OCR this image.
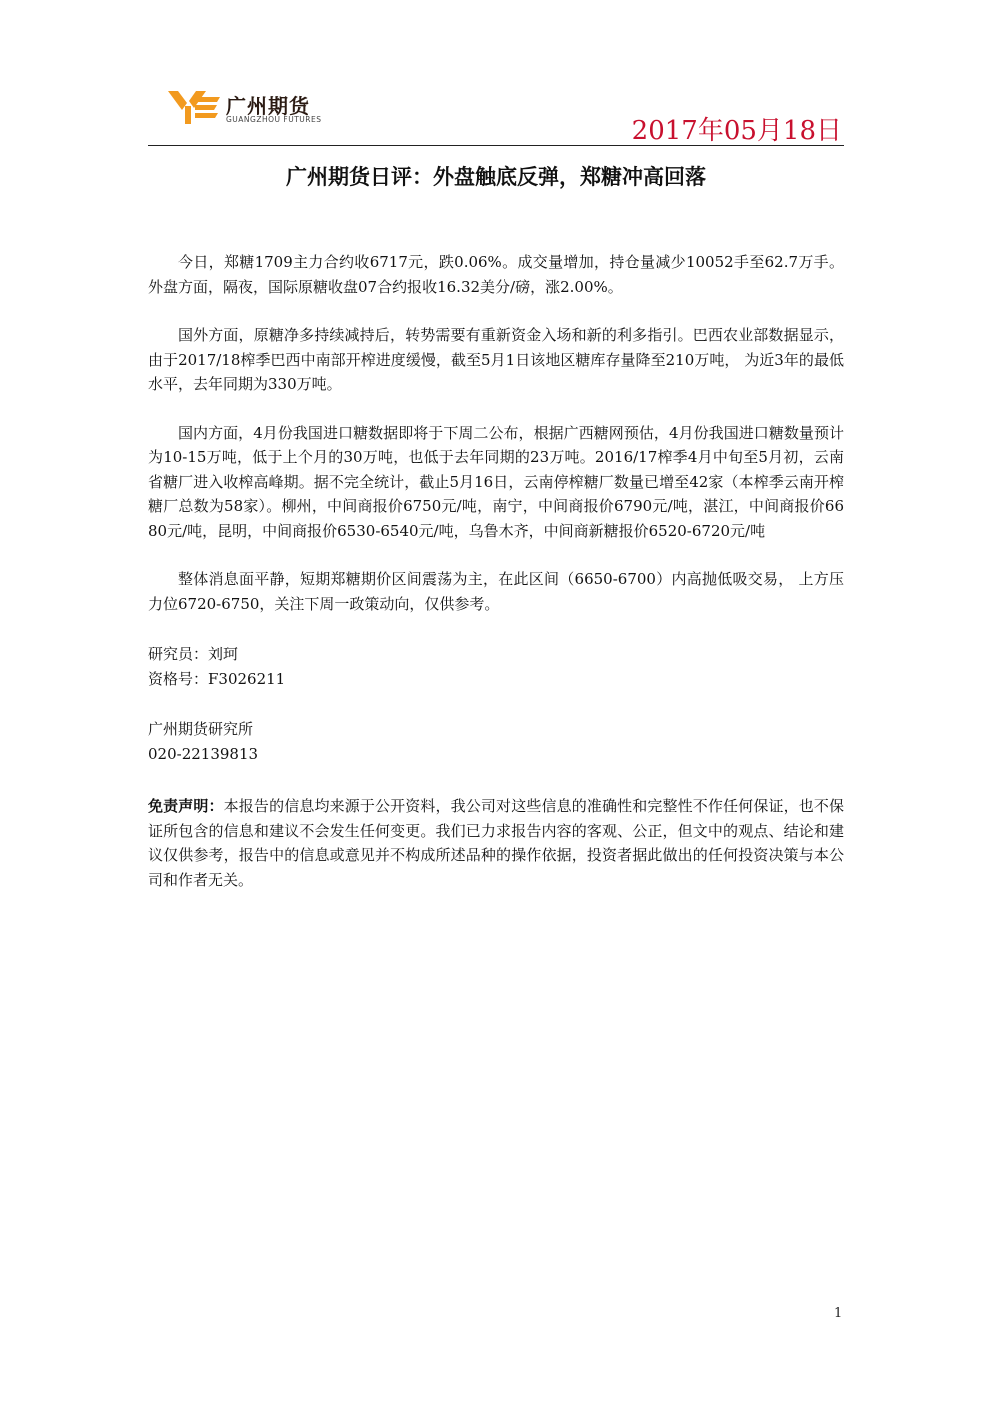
广州期货
GUANGZHOU FUTURES	2017年05月18日
广州期货日评：外盘触底反弹，郑糖冲高回落

今日，郑糖1709主力合约收6717元，跌0.06%。成交量增加，持仓量减少10052手至62.7万手。外盘方面，隔夜，国际原糖收盘07合约报收16.32美分/磅，涨2.00%。

国外方面，原糖净多持续减持后，转势需要有重新资金入场和新的利多指引。巴西农业部数据显示，由于2017/18榨季巴西中南部开榨进度缓慢，截至5月1日该地区糖库存量降至210万吨， 为近3年的最低水平，去年同期为330万吨。

国内方面，4月份我国进口糖数据即将于下周二公布，根据广西糖网预估，4月份我国进口糖数量预计为10-15万吨，低于上个月的30万吨，也低于去年同期的23万吨。2016/17榨季4月中旬至5月初，云南省糖厂进入收榨高峰期。据不完全统计，截止5月16日，云南停榨糖厂数量已增至42家（本榨季云南开榨糖厂总数为58家）。柳州，中间商报价6750元/吨，南宁，中间商报价6790元/吨，湛江，中间商报价6680元/吨，昆明，中间商报价6530-6540元/吨，乌鲁木齐，中间商新糖报价6520-6720元/吨

整体消息面平静，短期郑糖期价区间震荡为主，在此区间（6650-6700）内高抛低吸交易， 上方压力位6720-6750，关注下周一政策动向，仅供参考。

研究员：刘珂

资格号：F3026211

广州期货研究所

020-22139813

免责声明：本报告的信息均来源于公开资料，我公司对这些信息的准确性和完整性不作任何保证，也不保证所包含的信息和建议不会发生任何变更。我们已力求报告内容的客观、公正，但文中的观点、结论和建议仅供参考，报告中的信息或意见并不构成所述品种的操作依据，投资者据此做出的任何投资决策与本公司和作者无关。

1
